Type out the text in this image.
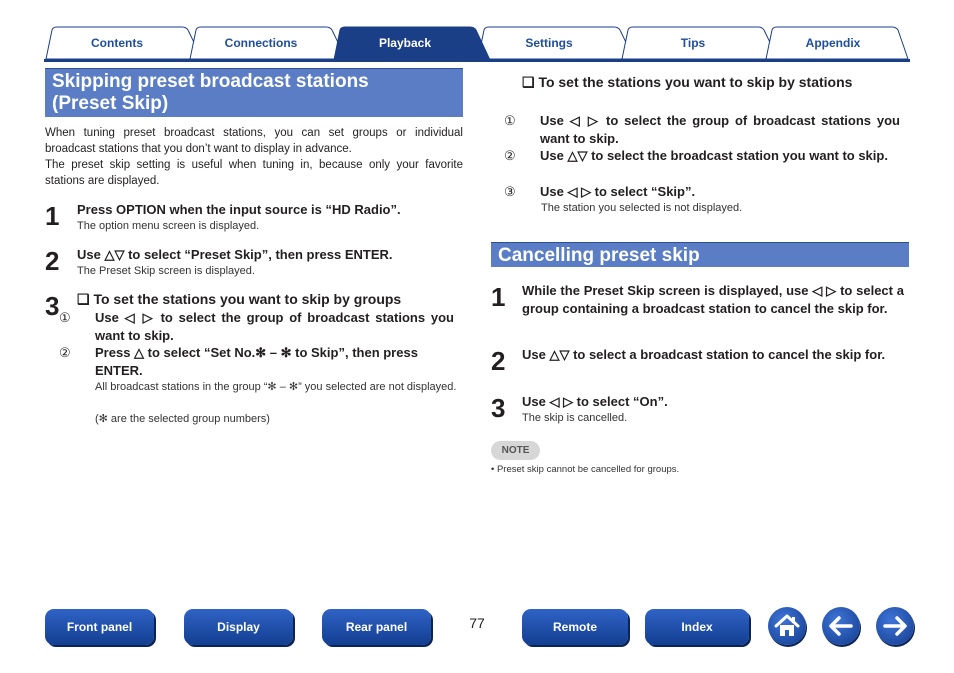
Contents	Connections	Playback	Settings	Tips	Appendix
Skipping preset broadcast stations
(Preset Skip)

When tuning preset broadcast stations, you can set groups or individual broadcast stations that you don’t want to display in advance.

The preset skip setting is useful when tuning in, because only your favorite stations are displayed.

1 Press OPTION when the input source is “HD Radio”.
The option menu screen is displayed.
2 Use △▽ to select “Preset Skip”, then press ENTER.
The Preset Skip screen is displayed.
3 ❑ To set the stations you want to skip by groups
① Use ◁ ▷ to select the group of broadcast stations you want to skip.
② Press △ to select “Set No.✻ – ✻ to Skip”, then press ENTER.
All broadcast stations in the group “✻ – ✻” you selected are not displayed.
(✻ are the selected group numbers)
❑ To set the stations you want to skip by stations
① Use ◁ ▷ to select the group of broadcast stations you want to skip.
② Use △▽ to select the broadcast station you want to skip.
③ Use ◁ ▷ to select “Skip”.
The station you selected is not displayed.
Cancelling preset skip
1 While the Preset Skip screen is displayed, use ◁ ▷ to select a group containing a broadcast station to cancel the skip for.
2 Use △▽ to select a broadcast station to cancel the skip for.
3 Use ◁ ▷ to select “On”.
The skip is cancelled.
NOTE
• Preset skip cannot be cancelled for groups.
Front panel	Display	Rear panel	77	Remote	Index
